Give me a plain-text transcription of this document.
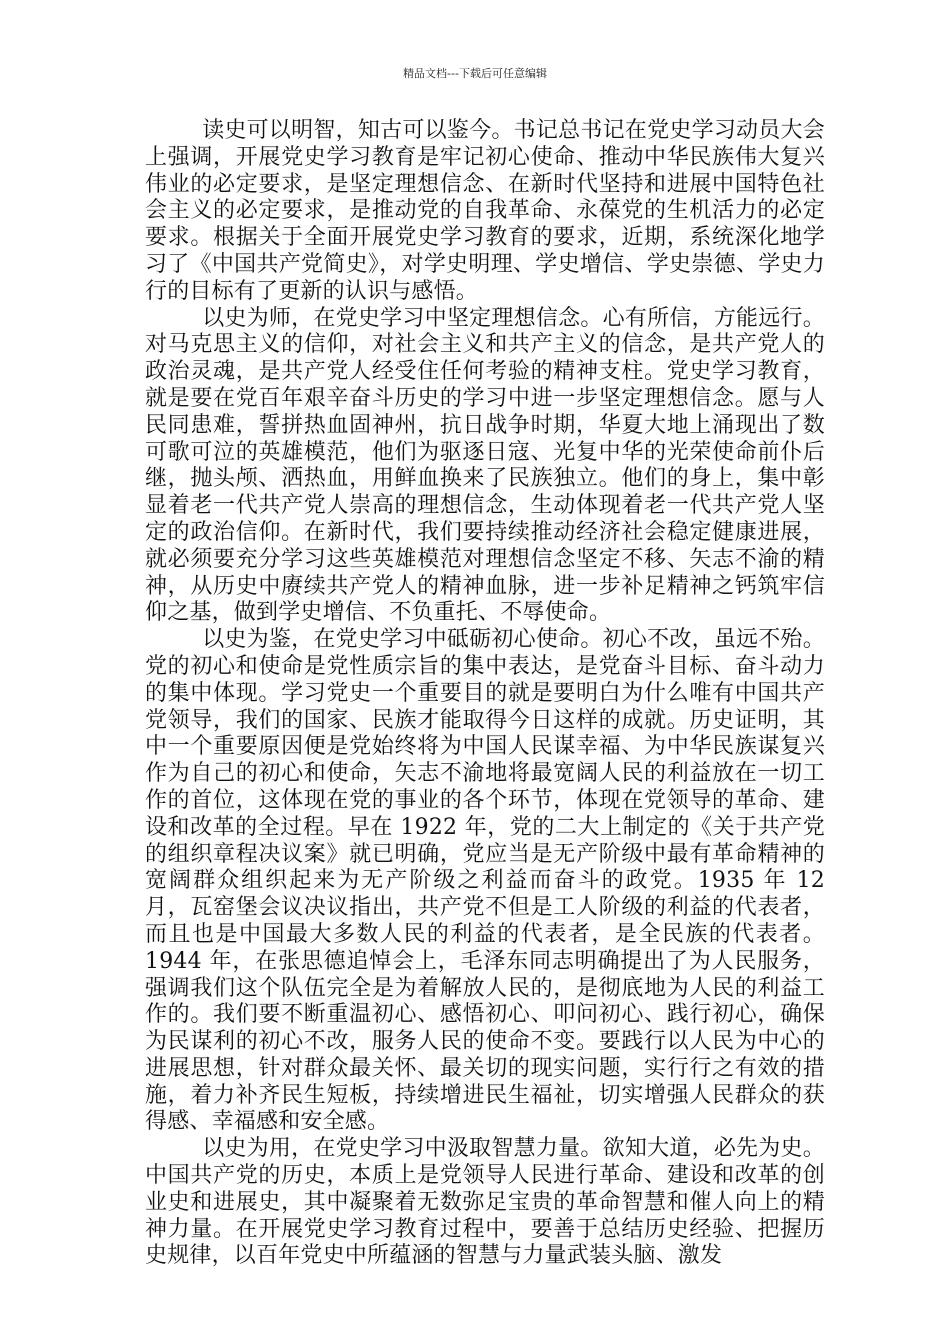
精品文档---下载后可任意编辑

读史可以明智，知古可以鉴今。书记总书记在党史学习动员大会上强调，开展党史学习教育是牢记初心使命、推动中华民族伟大复兴伟业的必定要求，是坚定理想信念、在新时代坚持和进展中国特色社会主义的必定要求，是推动党的自我革命、永葆党的生机活力的必定要求。根据关于全面开展党史学习教育的要求，近期，系统深化地学习了《中国共产党简史》，对学史明理、学史增信、学史崇德、学史力行的目标有了更新的认识与感悟。

以史为师，在党史学习中坚定理想信念。心有所信，方能远行。对马克思主义的信仰，对社会主义和共产主义的信念，是共产党人的政治灵魂，是共产党人经受住任何考验的精神支柱。党史学习教育，就是要在党百年艰辛奋斗历史的学习中进一步坚定理想信念。愿与人民同患难，誓拼热血固神州，抗日战争时期，华夏大地上涌现出了数可歌可泣的英雄模范，他们为驱逐日寇、光复中华的光荣使命前仆后继，抛头颅、洒热血，用鲜血换来了民族独立。他们的身上，集中彰显着老一代共产党人崇高的理想信念，生动体现着老一代共产党人坚定的政治信仰。在新时代，我们要持续推动经济社会稳定健康进展，就必须要充分学习这些英雄模范对理想信念坚定不移、矢志不渝的精神，从历史中赓续共产党人的精神血脉，进一步补足精神之钙筑牢信仰之基，做到学史增信、不负重托、不辱使命。

以史为鉴，在党史学习中砥砺初心使命。初心不改，虽远不殆。党的初心和使命是党性质宗旨的集中表达，是党奋斗目标、奋斗动力的集中体现。学习党史一个重要目的就是要明白为什么唯有中国共产党领导，我们的国家、民族才能取得今日这样的成就。历史证明，其中一个重要原因便是党始终将为中国人民谋幸福、为中华民族谋复兴作为自己的初心和使命，矢志不渝地将最宽阔人民的利益放在一切工作的首位，这体现在党的事业的各个环节，体现在党领导的革命、建设和改革的全过程。早在 1922 年，党的二大上制定的《关于共产党的组织章程决议案》就已明确，党应当是无产阶级中最有革命精神的宽阔群众组织起来为无产阶级之利益而奋斗的政党。1935 年 12 月，瓦窑堡会议决议指出，共产党不但是工人阶级的利益的代表者，而且也是中国最大多数人民的利益的代表者，是全民族的代表者。1944 年，在张思德追悼会上，毛泽东同志明确提出了为人民服务，强调我们这个队伍完全是为着解放人民的，是彻底地为人民的利益工作的。我们要不断重温初心、感悟初心、叩问初心、践行初心，确保为民谋利的初心不改，服务人民的使命不变。要践行以人民为中心的进展思想，针对群众最关怀、最关切的现实问题，实行行之有效的措施，着力补齐民生短板，持续增进民生福祉，切实增强人民群众的获得感、幸福感和安全感。

以史为用，在党史学习中汲取智慧力量。欲知大道，必先为史。中国共产党的历史，本质上是党领导人民进行革命、建设和改革的创业史和进展史，其中凝聚着无数弥足宝贵的革命智慧和催人向上的精神力量。在开展党史学习教育过程中，要善于总结历史经验、把握历史规律，以百年党史中所蕴涵的智慧与力量武装头脑、激发
